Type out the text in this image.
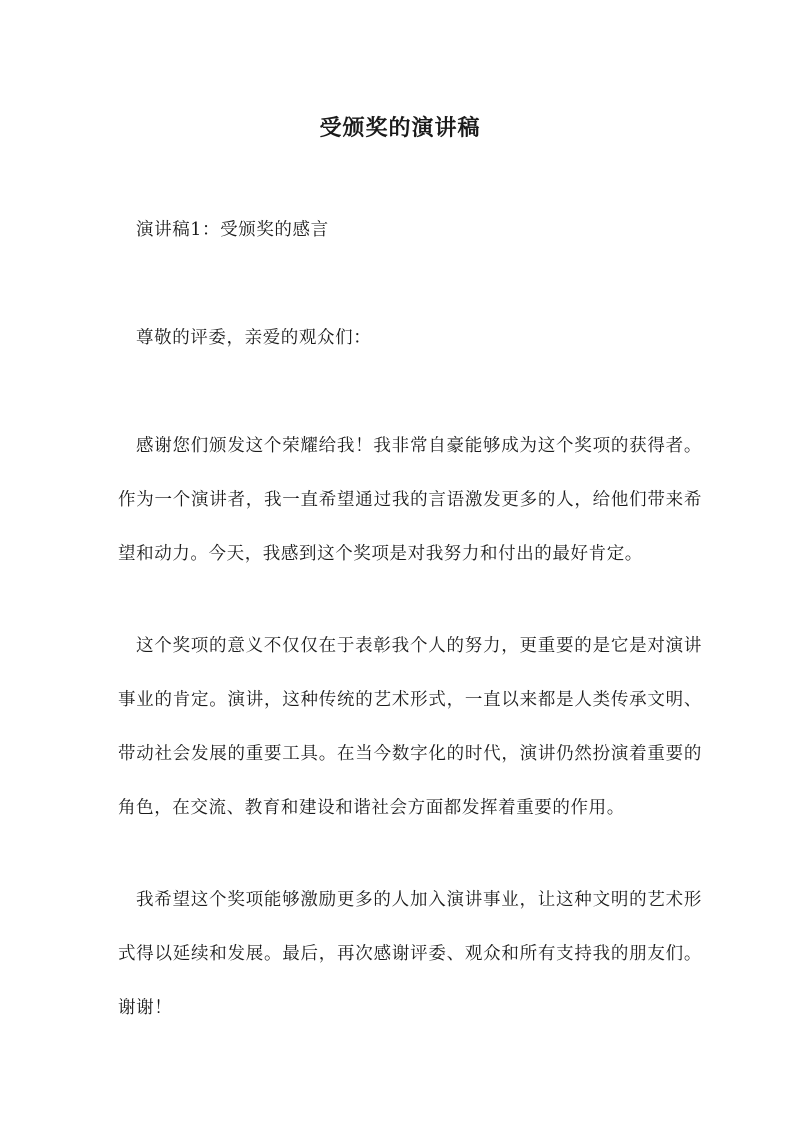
受颁奖的演讲稿

演讲稿1：受颁奖的感言

尊敬的评委，亲爱的观众们：

感谢您们颁发这个荣耀给我！我非常自豪能够成为这个奖项的获得者。作为一个演讲者，我一直希望通过我的言语激发更多的人，给他们带来希望和动力。今天，我感到这个奖项是对我努力和付出的最好肯定。

这个奖项的意义不仅仅在于表彰我个人的努力，更重要的是它是对演讲事业的肯定。演讲，这种传统的艺术形式，一直以来都是人类传承文明、带动社会发展的重要工具。在当今数字化的时代，演讲仍然扮演着重要的角色，在交流、教育和建设和谐社会方面都发挥着重要的作用。

我希望这个奖项能够激励更多的人加入演讲事业，让这种文明的艺术形式得以延续和发展。最后，再次感谢评委、观众和所有支持我的朋友们。谢谢！
